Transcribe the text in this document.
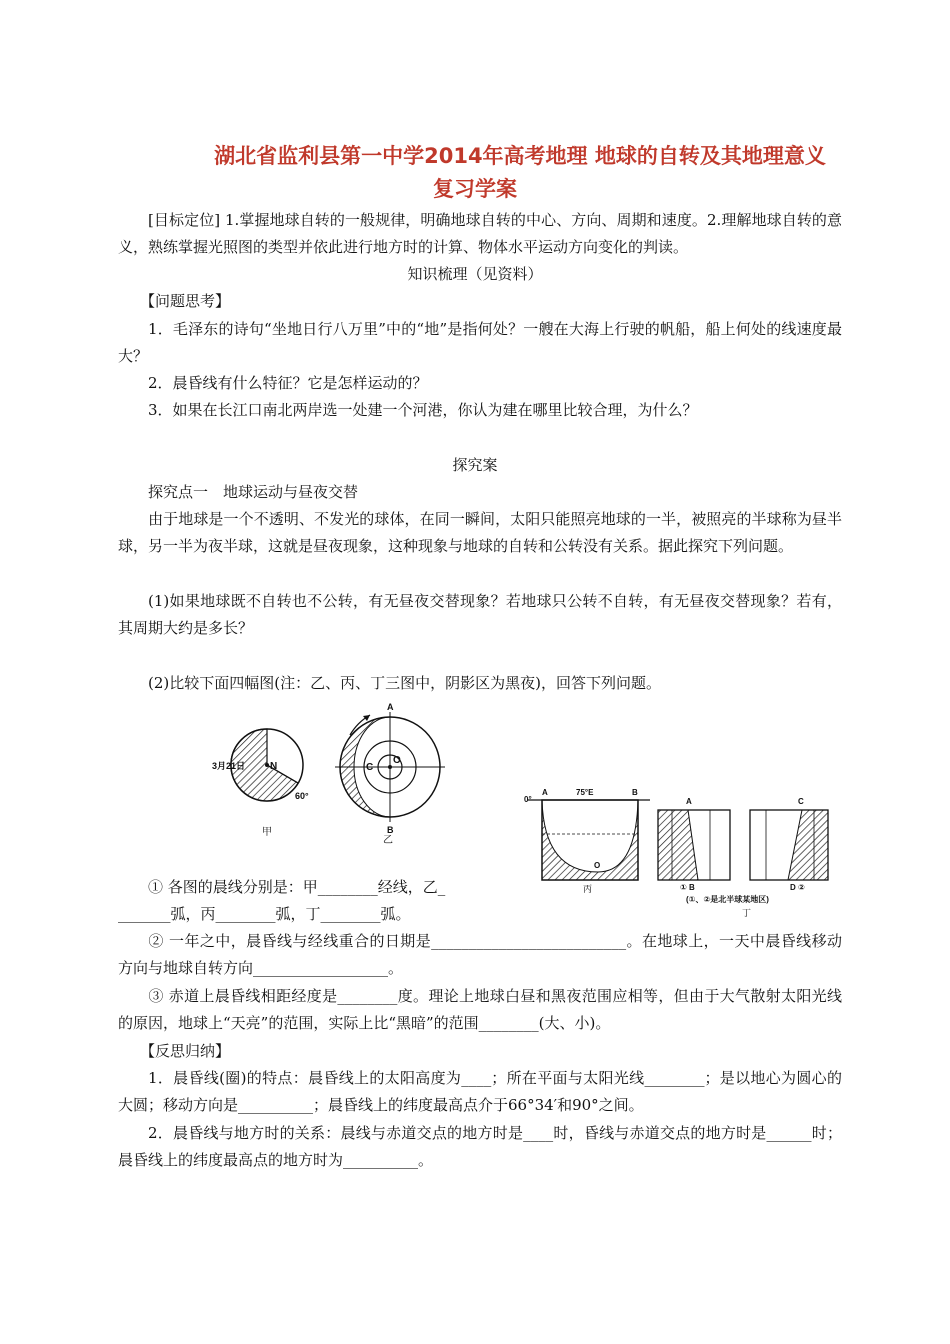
湖北省监利县第一中学2014年高考地理 地球的自转及其地理意义
复习学案

[目标定位] 1.掌握地球自转的一般规律，明确地球自转的中心、方向、周期和速度。2.理解地球自转的意义，熟练掌握光照图的类型并依此进行地方时的计算、物体水平运动方向变化的判读。

知识梳理（见资料）

【问题思考】

1．毛泽东的诗句“坐地日行八万里”中的“地”是指何处？一艘在大海上行驶的帆船，船上何处的线速度最大？

2．晨昏线有什么特征？它是怎样运动的？

3．如果在长江口南北两岸选一处建一个河港，你认为建在哪里比较合理，为什么？

探究案

探究点一　地球运动与昼夜交替

由于地球是一个不透明、不发光的球体，在同一瞬间，太阳只能照亮地球的一半，被照亮的半球称为昼半球，另一半为夜半球，这就是昼夜现象，这种现象与地球的自转和公转没有关系。据此探究下列问题。

(1)如果地球既不自转也不公转，有无昼夜交替现象？若地球只公转不自转，有无昼夜交替现象？若有，其周期大约是多长？

(2)比较下面四幅图(注：乙、丙、丁三图中，阴影区为黑夜)，回答下列问题。

3月21日 N
60°
甲
A
B
C
O
乙
0°
A	75°E	B
O
丙
A	C
① B	D ②
(①、②是北半球某地区)
丁

① 各图的晨线分别是：甲________经线，乙_

_______弧，丙________弧，丁________弧。

② 一年之中，晨昏线与经线重合的日期是__________________________。在地球上，一天中晨昏线移动方向与地球自转方向__________________。

③ 赤道上晨昏线相距经度是________度。理论上地球白昼和黑夜范围应相等，但由于大气散射太阳光线的原因，地球上“天亮”的范围，实际上比“黑暗”的范围________(大、小)。

【反思归纳】

1．晨昏线(圈)的特点：晨昏线上的太阳高度为____；所在平面与太阳光线________；是以地心为圆心的大圆；移动方向是__________；晨昏线上的纬度最高点介于66°34′和90°之间。

2．晨昏线与地方时的关系：晨线与赤道交点的地方时是____时，昏线与赤道交点的地方时是______时；晨昏线上的纬度最高点的地方时为__________。
